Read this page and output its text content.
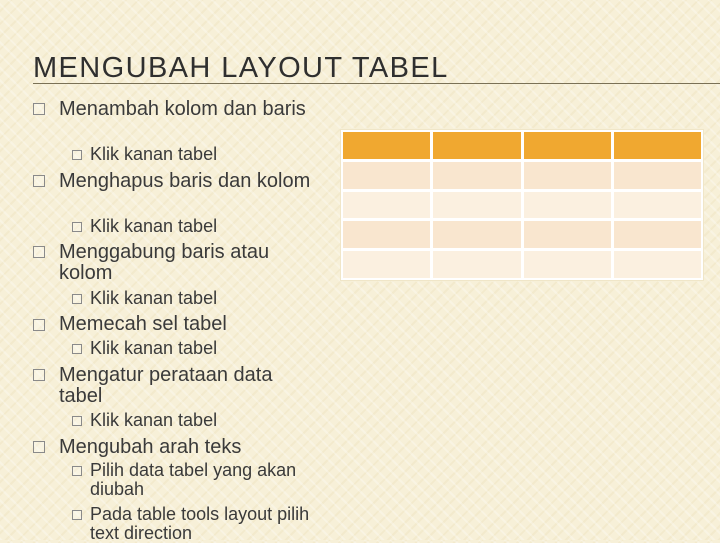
MENGUBAH LAYOUT TABEL
Menambah kolom dan baris
Klik kanan tabel
Menghapus baris dan kolom
Klik kanan tabel
Menggabung baris atau kolom
Klik kanan tabel
Memecah sel tabel
Klik kanan tabel
Mengatur perataan data tabel
Klik kanan tabel
Mengubah arah teks
Pilih data tabel yang akan diubah
Pada table tools layout pilih text direction
